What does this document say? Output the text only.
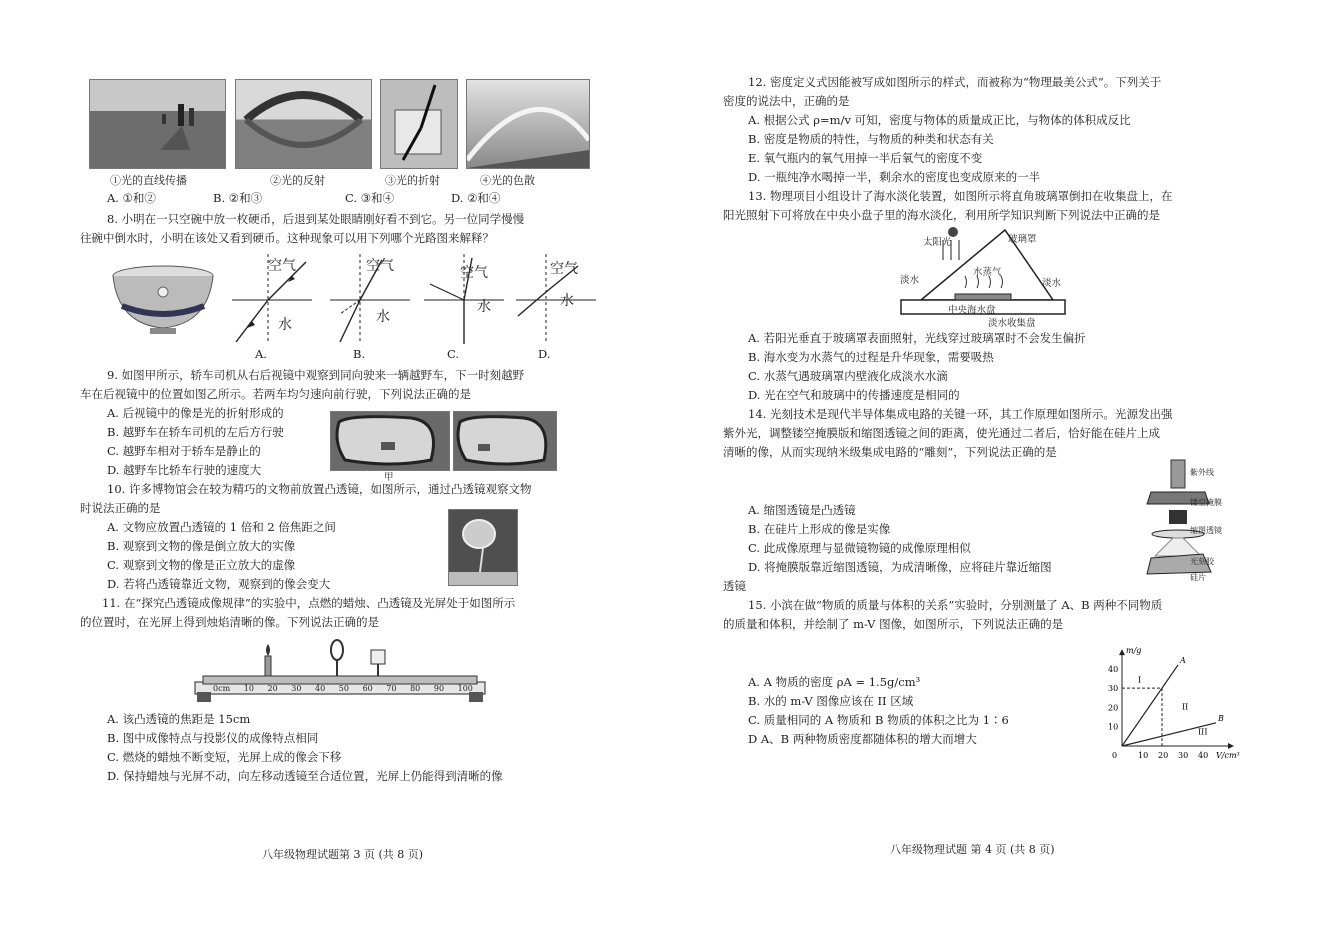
①光的直线传播	②光的反射	③光的折射	④光的色散
A. ①和②	B. ②和③	C. ③和④	D. ②和④
8. 小明在一只空碗中放一枚硬币，后退到某处眼睛刚好看不到它。另一位同学慢慢
往碗中倒水时，小明在该处又看到硬币。这种现象可以用下列哪个光路图来解释？
空气
水
A.
空气
水
B.
空气
水
C.
空气
水
D.
9. 如图甲所示，轿车司机从右后视镜中观察到同向驶来一辆越野车，下一时刻越野
车在后视镜中的位置如图乙所示。若两车均匀速向前行驶，下列说法正确的是
A. 后视镜中的像是光的折射形成的
B. 越野车在轿车司机的左后方行驶
C. 越野车相对于轿车是静止的
D. 越野车比轿车行驶的速度大
甲
10. 许多博物馆会在较为精巧的文物前放置凸透镜，如图所示，通过凸透镜观察文物
时说法正确的是
A. 文物应放置凸透镜的 1 倍和 2 倍焦距之间
B. 观察到文物的像是倒立放大的实像
C. 观察到文物的像是正立放大的虚像
D. 若将凸透镜靠近文物，观察到的像会变大
11. 在“探究凸透镜成像规律”的实验中，点燃的蜡烛、凸透镜及光屏处于如图所示
的位置时，在光屏上得到烛焰清晰的像。下列说法正确的是
0cm 10 20 30 40 50 60 70 80 90 100
A. 该凸透镜的焦距是 15cm
B. 图中成像特点与投影仪的成像特点相同
C. 燃烧的蜡烛不断变短，光屏上成的像会下移
D. 保持蜡烛与光屏不动，向左移动透镜至合适位置，光屏上仍能得到清晰的像
八年级物理试题第 3 页 (共 8 页)
12. 密度定义式因能被写成如图所示的样式，而被称为“物理最美公式”。下列关于
密度的说法中，正确的是
A. 根据公式 ρ=m/v 可知，密度与物体的质量成正比，与物体的体积成反比
B. 密度是物质的特性，与物质的种类和状态有关
E. 氧气瓶内的氧气用掉一半后氧气的密度不变
D. 一瓶纯净水喝掉一半，剩余水的密度也变成原来的一半
13. 物理项目小组设计了海水淡化装置，如图所示将直角玻璃罩倒扣在收集盘上，在
阳光照射下可将放在中央小盘子里的海水淡化，利用所学知识判断下列说法中正确的是
太阳光	玻璃罩
淡水
水蒸气
淡水
中央海水盘
淡水收集盘
A. 若阳光垂直于玻璃罩表面照射，光线穿过玻璃罩时不会发生偏折
B. 海水变为水蒸气的过程是升华现象，需要吸热
C. 水蒸气遇玻璃罩内壁液化成淡水水滴
D. 光在空气和玻璃中的传播速度是相同的
14. 光刻技术是现代半导体集成电路的关键一环，其工作原理如图所示。光源发出强
紫外光，调整镂空掩膜版和缩图透镜之间的距离，使光通过二者后，恰好能在硅片上成
清晰的像，从而实现纳米级集成电路的“雕刻”，下列说法正确的是
紫外线
镂空掩膜
缩图透镜
光刻胶
硅片
A. 缩图透镜是凸透镜
B. 在硅片上形成的像是实像
C. 此成像原理与显微镜物镜的成像原理相似
D. 将掩膜版靠近缩图透镜，为成清晰像，应将硅片靠近缩图
透镜
15. 小滨在做“物质的质量与体积的关系”实验时，分别测量了 A、B 两种不同物质
的质量和体积，并绘制了 m-V 图像，如图所示，下列说法正确的是
A. A 物质的密度 ρA = 1.5g/cm³
B. 水的 m-V 图像应该在 II 区域
C. 质量相同的 A 物质和 B 物质的体积之比为 1∶6
D A、B 两种物质密度都随体积的增大而增大
m/g
V/cm³
0	10 20 30 40
10
20
30
40
A
B
I
II
III
八年级物理试题 第 4 页 (共 8 页)
